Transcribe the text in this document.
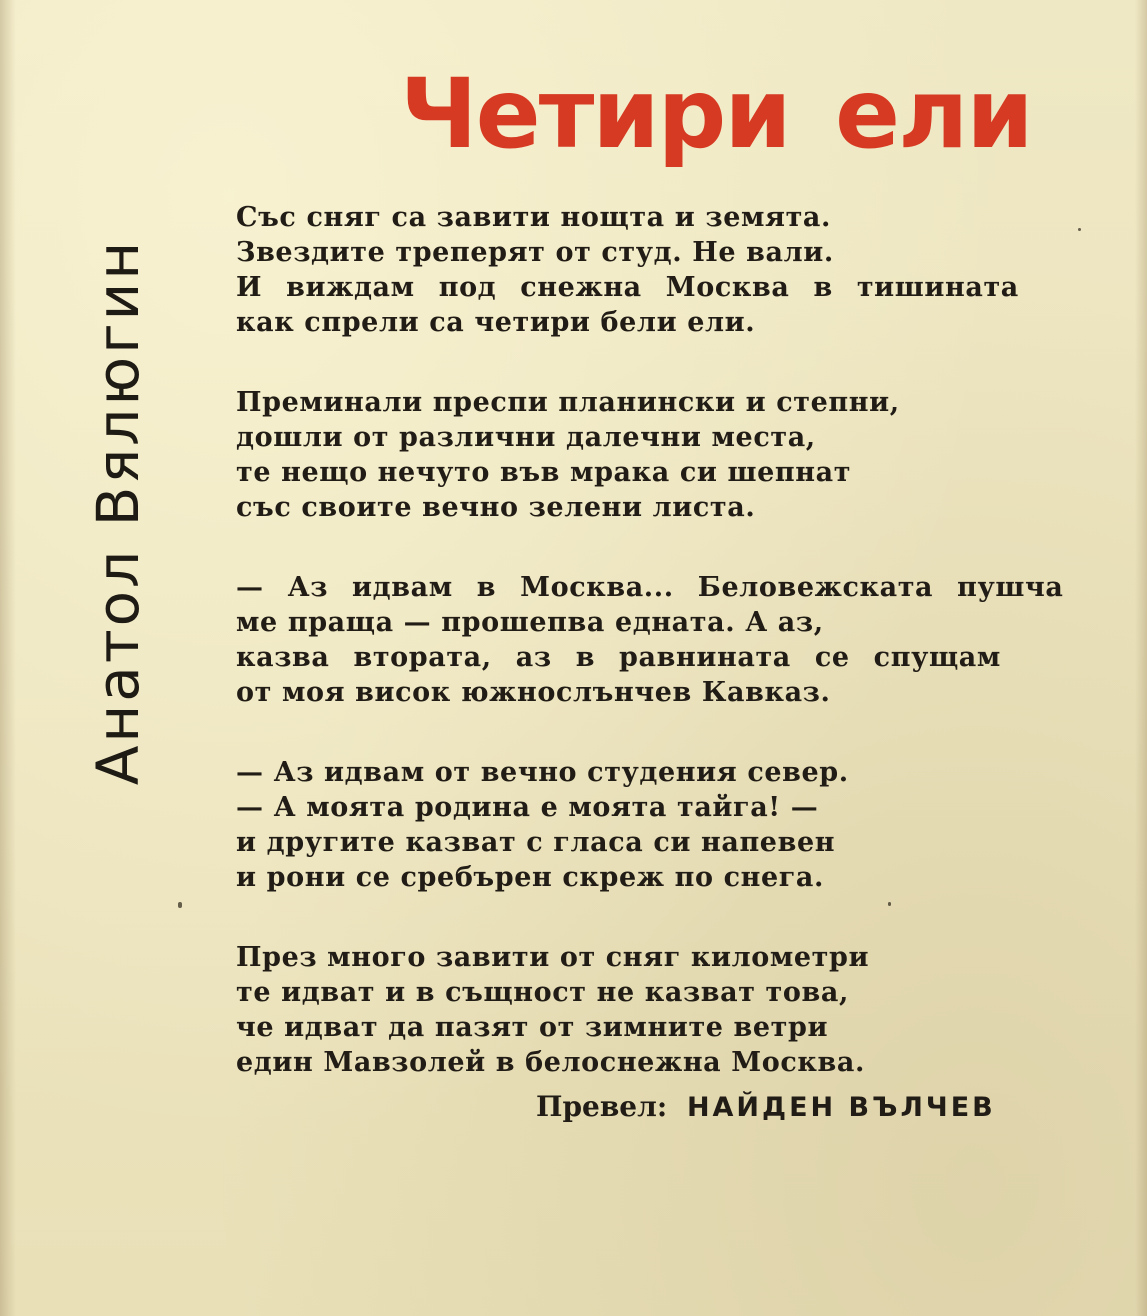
Четири ели
Анатол Вялюгин
Със сняг са завити нощта и земята.
Звездите треперят от студ. Не вали.
И виждам под снежна Москва в тишината
как спрели са четири бели ели.
Преминали преспи планински и степни,
дошли от различни далечни места,
те нещо нечуто във мрака си шепнат
със своите вечно зелени листа.
— Аз идвам в Москва... Беловежската пушча
ме праща — прошепва едната. А аз,
казва втората, аз в равнината се спущам
от моя висок южнослънчев Кавказ.
— Аз идвам от вечно студения север.
— А моята родина е моята тайга! —
и другите казват с гласа си напевен
и рони се сребърен скреж по снега.
През много завити от сняг километри
те идват и в същност не казват това,
че идват да пазят от зимните ветри
един Мавзолей в белоснежна Москва.
Превел: НАЙДЕН ВЪЛЧЕВ
